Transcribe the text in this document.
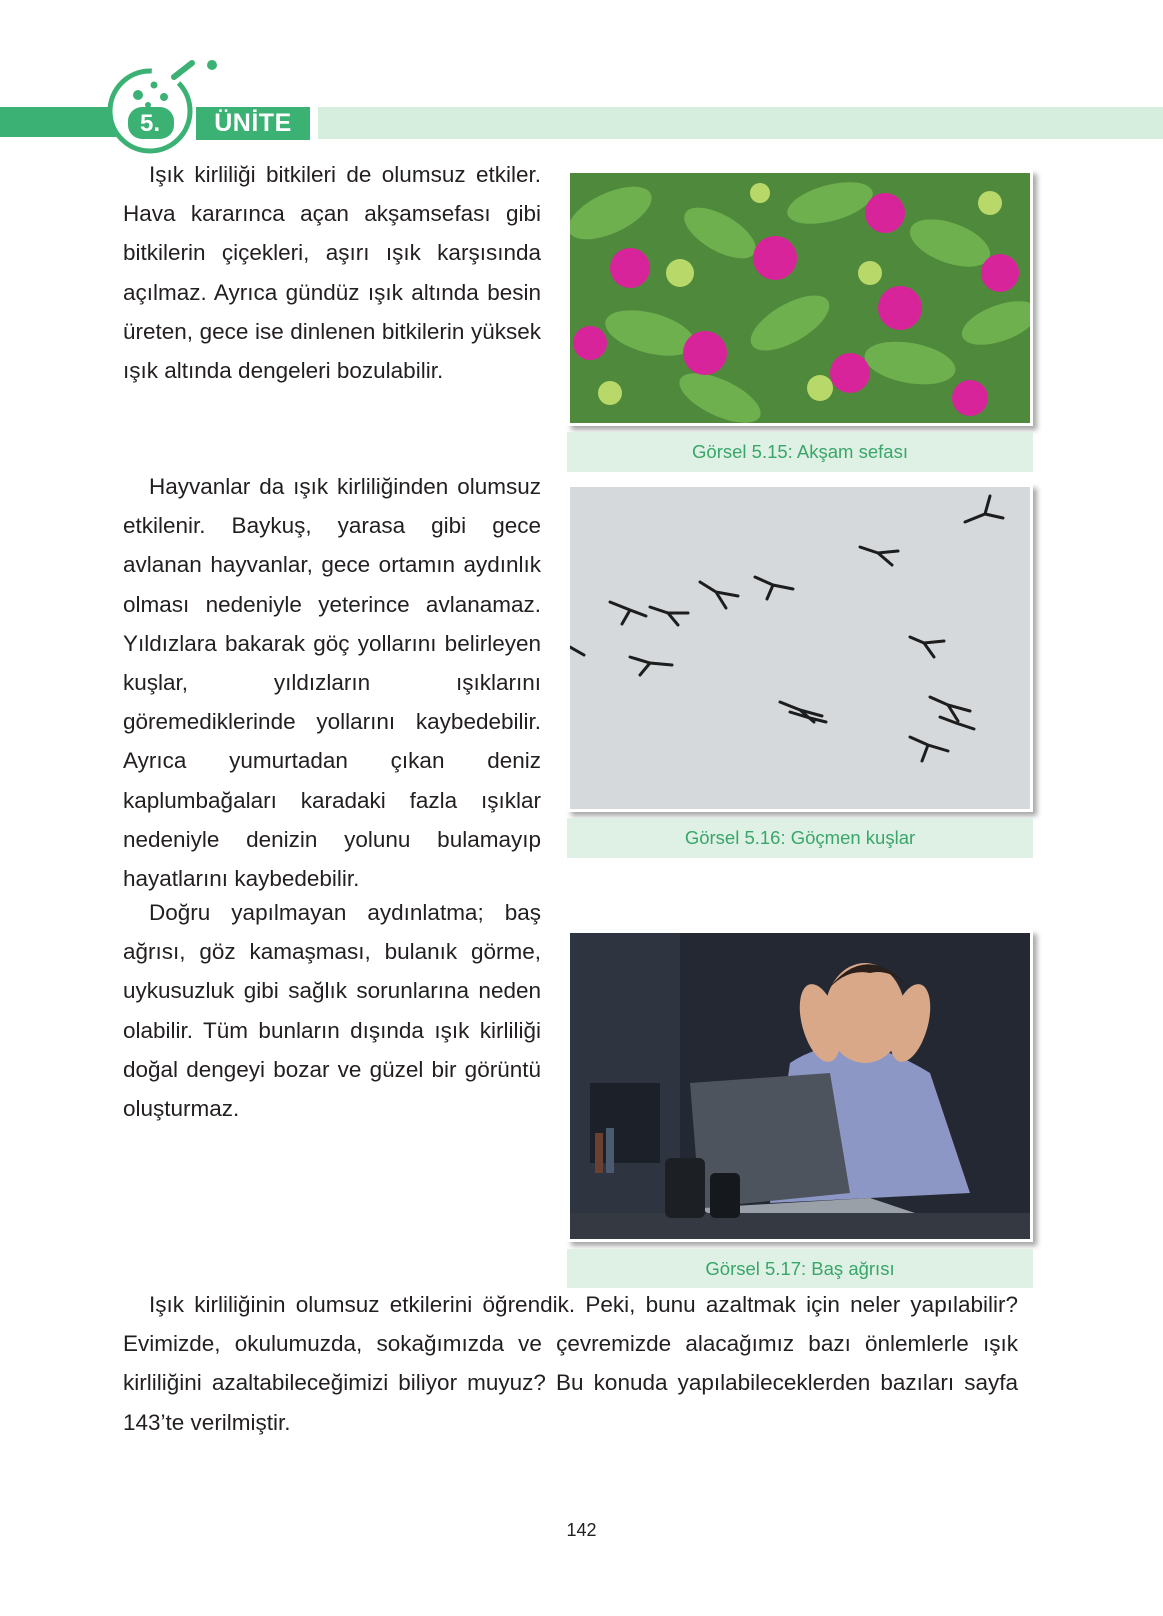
5.	ÜNİTE

Işık kirliliği bitkileri de olumsuz etkiler. Hava kararınca açan akşamsefası gibi bitkilerin çiçekleri, aşırı ışık karşısında açılmaz. Ayrıca gündüz ışık altında besin üreten, gece ise dinlenen bitkilerin yüksek ışık altında dengeleri bozulabilir.

Hayvanlar da ışık kirliliğinden olumsuz etkilenir. Baykuş, yarasa gibi gece avlanan hayvanlar, gece ortamın aydınlık olması nedeniyle yeterince avlanamaz. Yıldızlara bakarak göç yollarını belirleyen kuşlar, yıldızların ışıklarını göremediklerinde yollarını kaybedebilir. Ayrıca yumurtadan çıkan deniz kaplumbağaları karadaki fazla ışıklar nedeniyle denizin yolunu bulamayıp hayatlarını kaybedebilir.

Doğru yapılmayan aydınlatma; baş ağrısı, göz kamaşması, bulanık görme, uykusuzluk gibi sağlık sorunlarına neden olabilir. Tüm bunların dışında ışık kirliliği doğal dengeyi bozar ve güzel bir görüntü oluşturmaz.

Görsel 5.15: Akşam sefası
Görsel 5.16: Göçmen kuşlar
Görsel 5.17: Baş ağrısı

Işık kirliliğinin olumsuz etkilerini öğrendik. Peki, bunu azaltmak için neler yapılabilir? Evimizde, okulumuzda, sokağımızda ve çevremizde alacağımız bazı önlemlerle ışık kirliliğini azaltabileceğimizi biliyor muyuz? Bu konuda yapılabileceklerden bazıları sayfa 143’te verilmiştir.

142
